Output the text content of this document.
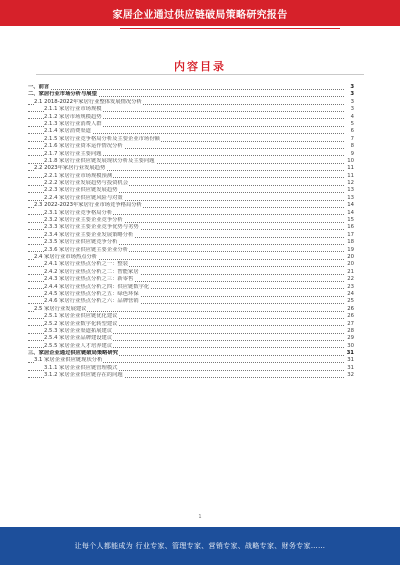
家居企业通过供应链破局策略研究报告
内容目录
一、前言	3
二、家居行业市场分析与展望	3
2.1 2018-2022年家居行业整体发展情况分析	3
2.1.1 家居行业市场规模	3
2.1.2 家居市场规模趋势	4
2.1.3 家居行业消费人群	5
2.1.4 家居消费渠道	6
2.1.5 家居行业竞争格局分析及主要企业市场份额	7
2.1.6 家居行业资本运作情况分析	8
2.1.7 家居行业主要问题	9
2.1.8 家居行业供应链发展现状分析及主要问题	10
2.2 2023年家居行业发展趋势	11
2.2.1 家居行业市场规模预测	11
2.2.2 家居行业发展趋势与投资机会	12
2.2.3 家居行业供应链发展趋势	13
2.2.4 家居行业供应链风险与对策	13
2.3 2022-2023年家居行业市场竞争格局分析	14
2.3.1 家居行业竞争格局分析	14
2.3.2 家居行业主要企业竞争分析	15
2.3.3 家居行业主要企业竞争优势与劣势	16
2.3.4 家居行业主要企业发展策略分析	17
2.3.5 家居行业供应链竞争分析	18
2.3.6 家居行业供应链主要企业分析	19
2.4 家居行业市场热点分析	20
2.4.1 家居行业热点分析之一：整装	20
2.4.2 家居行业热点分析之二：智能家居	21
2.4.3 家居行业热点分析之三：新零售	22
2.4.4 家居行业热点分析之四：供应链数字化	23
2.4.5 家居行业热点分析之五：绿色环保	24
2.4.6 家居行业热点分析之六：品牌营销	25
2.5 家居行业发展建议	26
2.5.1 家居企业供应链优化建议	26
2.5.2 家居企业数字化转型建议	27
2.5.3 家居企业渠道拓展建议	28
2.5.4 家居企业品牌建设建议	29
2.5.5 家居企业人才培养建议	30
三、家居企业通过供应链破局策略研究	31
3.1 家居企业供应链现状分析	31
3.1.1 家居企业供应链管理模式	31
3.1.2 家居企业供应链存在的问题	32
1
让每个人都能成为 行业专家、管理专家、营销专家、战略专家、财务专家……
